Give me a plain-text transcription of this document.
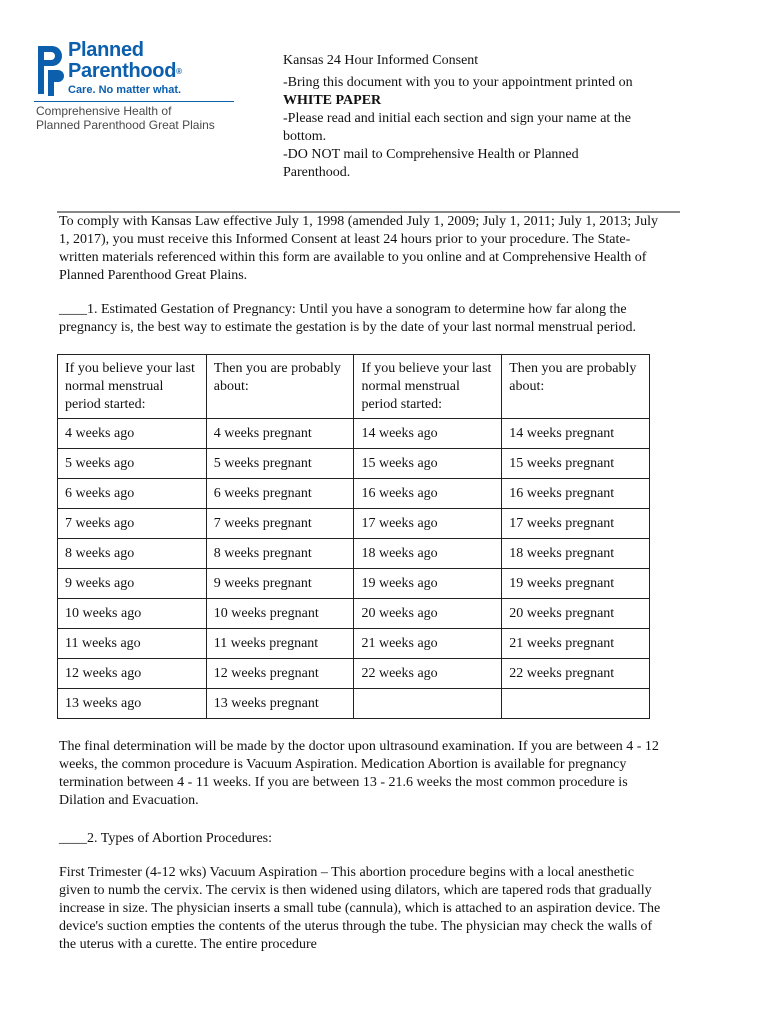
Planned
Parenthood®
Care. No matter what.
Comprehensive Health of
Planned Parenthood Great Plains
Kansas 24 Hour Informed Consent
-Bring this document with you to your appointment printed on
WHITE PAPER
-Please read and initial each section and sign your name at the bottom.
-DO NOT mail to Comprehensive Health or Planned Parenthood.
To comply with Kansas Law effective July 1, 1998 (amended July 1, 2009; July 1, 2011; July 1, 2013; July 1, 2017), you must receive this Informed Consent at least 24 hours prior to your procedure. The State-written materials referenced within this form are available to you online and at Comprehensive Health of Planned Parenthood Great Plains.
____1. Estimated Gestation of Pregnancy: Until you have a sonogram to determine how far along the pregnancy is, the best way to estimate the gestation is by the date of your last normal menstrual period.
If you believe your last normal menstrual period started:	Then you are probably about:	If you believe your last normal menstrual period started:	Then you are probably about:
4 weeks ago	4 weeks pregnant	14 weeks ago	14 weeks pregnant
5 weeks ago	5 weeks pregnant	15 weeks ago	15 weeks pregnant
6 weeks ago	6 weeks pregnant	16 weeks ago	16 weeks pregnant
7 weeks ago	7 weeks pregnant	17 weeks ago	17 weeks pregnant
8 weeks ago	8 weeks pregnant	18 weeks ago	18 weeks pregnant
9 weeks ago	9 weeks pregnant	19 weeks ago	19 weeks pregnant
10 weeks ago	10 weeks pregnant	20 weeks ago	20 weeks pregnant
11 weeks ago	11 weeks pregnant	21 weeks ago	21 weeks pregnant
12 weeks ago	12 weeks pregnant	22 weeks ago	22 weeks pregnant
13 weeks ago	13 weeks pregnant		
The final determination will be made by the doctor upon ultrasound examination. If you are between 4 - 12 weeks, the common procedure is Vacuum Aspiration. Medication Abortion is available for pregnancy termination between 4 - 11 weeks. If you are between 13 - 21.6 weeks the most common procedure is Dilation and Evacuation.
____2. Types of Abortion Procedures:
First Trimester (4-12 wks) Vacuum Aspiration – This abortion procedure begins with a local anesthetic given to numb the cervix. The cervix is then widened using dilators, which are tapered rods that gradually increase in size. The physician inserts a small tube (cannula), which is attached to an aspiration device. The device's suction empties the contents of the uterus through the tube. The physician may check the walls of the uterus with a curette. The entire procedure
